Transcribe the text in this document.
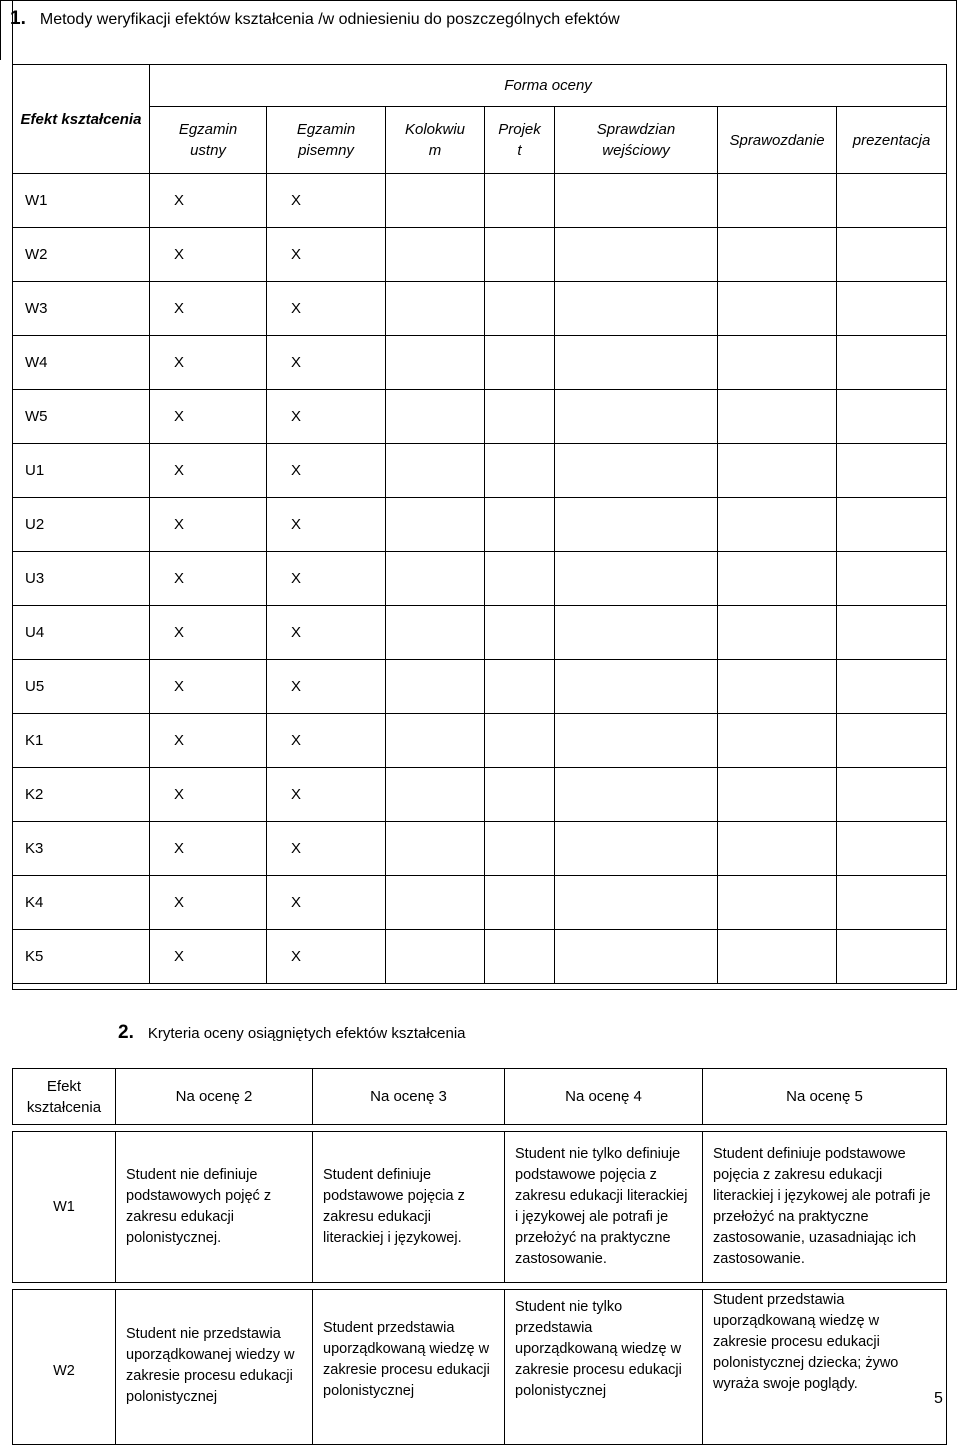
1. Metody weryfikacji efektów kształcenia /w odniesieniu do poszczególnych efektów
Efekt kształcenia	Forma oceny						
	Egzamin ustny	Egzamin pisemny	Kolokwium	Projekt	Sprawdzian wejściowy	Sprawozdanie	prezentacja
W1	X	X					
W2	X	X					
W3	X	X					
W4	X	X					
W5	X	X					
U1	X	X					
U2	X	X					
U3	X	X					
U4	X	X					
U5	X	X					
K1	X	X					
K2	X	X					
K3	X	X					
K4	X	X					
K5	X	X					
2. Kryteria oceny osiągniętych efektów kształcenia
Efekt kształcenia	Na ocenę 2	Na ocenę 3	Na ocenę 4	Na ocenę 5

W1	Student nie definiuje podstawowych pojęć z zakresu edukacji polonistycznej.	Student definiuje podstawowe pojęcia z zakresu edukacji literackiej i językowej.	Student nie tylko definiuje podstawowe pojęcia z zakresu edukacji literackiej i językowej ale potrafi je przełożyć na praktyczne zastosowanie.	Student definiuje podstawowe pojęcia z zakresu edukacji literackiej i językowej ale potrafi je przełożyć na praktyczne zastosowanie, uzasadniając ich zastosowanie.

W2	Student nie przedstawia uporządkowanej wiedzy w zakresie procesu edukacji polonistycznej	Student przedstawia uporządkowaną wiedzę w zakresie procesu edukacji polonistycznej	Student nie tylko przedstawia uporządkowaną wiedzę w zakresie procesu edukacji polonistycznej	Student przedstawia uporządkowaną wiedzę w zakresie procesu edukacji polonistycznej dziecka; żywo wyraża swoje poglądy.
5
